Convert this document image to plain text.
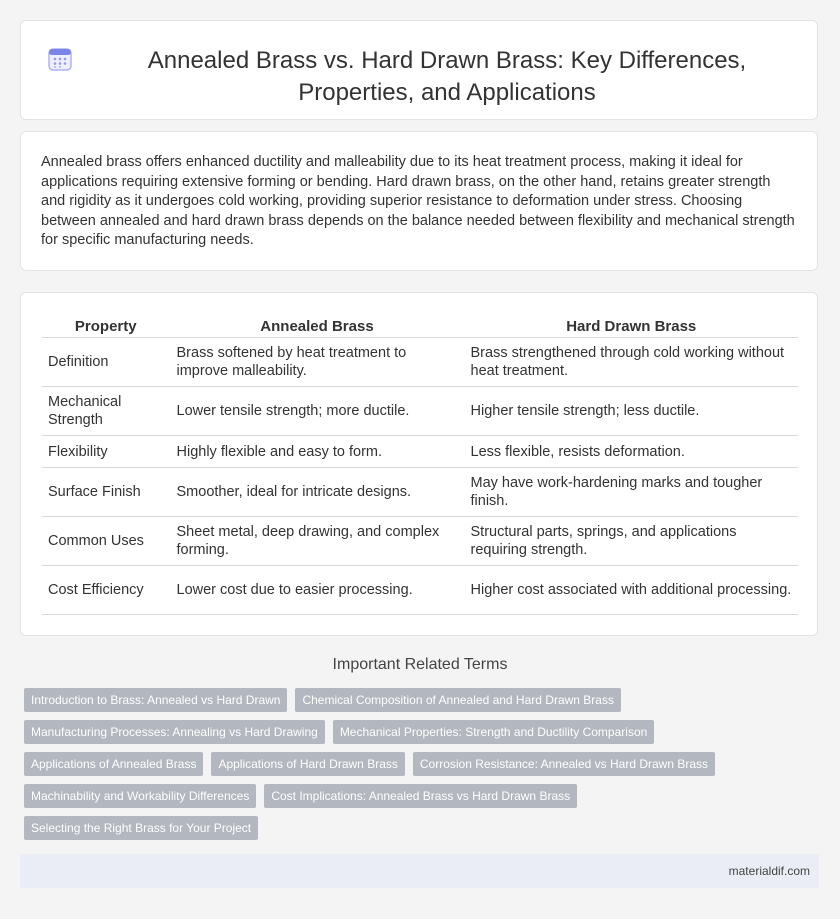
Annealed Brass vs. Hard Drawn Brass: Key Differences, Properties, and Applications

Annealed brass offers enhanced ductility and malleability due to its heat treatment process, making it ideal for applications requiring extensive forming or bending. Hard drawn brass, on the other hand, retains greater strength and rigidity as it undergoes cold working, providing superior resistance to deformation under stress. Choosing between annealed and hard drawn brass depends on the balance needed between flexibility and mechanical strength for specific manufacturing needs.

Property	Annealed Brass	Hard Drawn Brass
Definition	Brass softened by heat treatment to improve malleability.	Brass strengthened through cold working without heat treatment.
Mechanical Strength	Lower tensile strength; more ductile.	Higher tensile strength; less ductile.
Flexibility	Highly flexible and easy to form.	Less flexible, resists deformation.
Surface Finish	Smoother, ideal for intricate designs.	May have work-hardening marks and tougher finish.
Common Uses	Sheet metal, deep drawing, and complex forming.	Structural parts, springs, and applications requiring strength.
Cost Efficiency	Lower cost due to easier processing.	Higher cost associated with additional processing.
Important Related Terms
Introduction to Brass: Annealed vs Hard Drawn	Chemical Composition of Annealed and Hard Drawn Brass
Manufacturing Processes: Annealing vs Hard Drawing	Mechanical Properties: Strength and Ductility Comparison
Applications of Annealed Brass	Applications of Hard Drawn Brass	Corrosion Resistance: Annealed vs Hard Drawn Brass
Machinability and Workability Differences	Cost Implications: Annealed Brass vs Hard Drawn Brass
Selecting the Right Brass for Your Project
materialdif.com
